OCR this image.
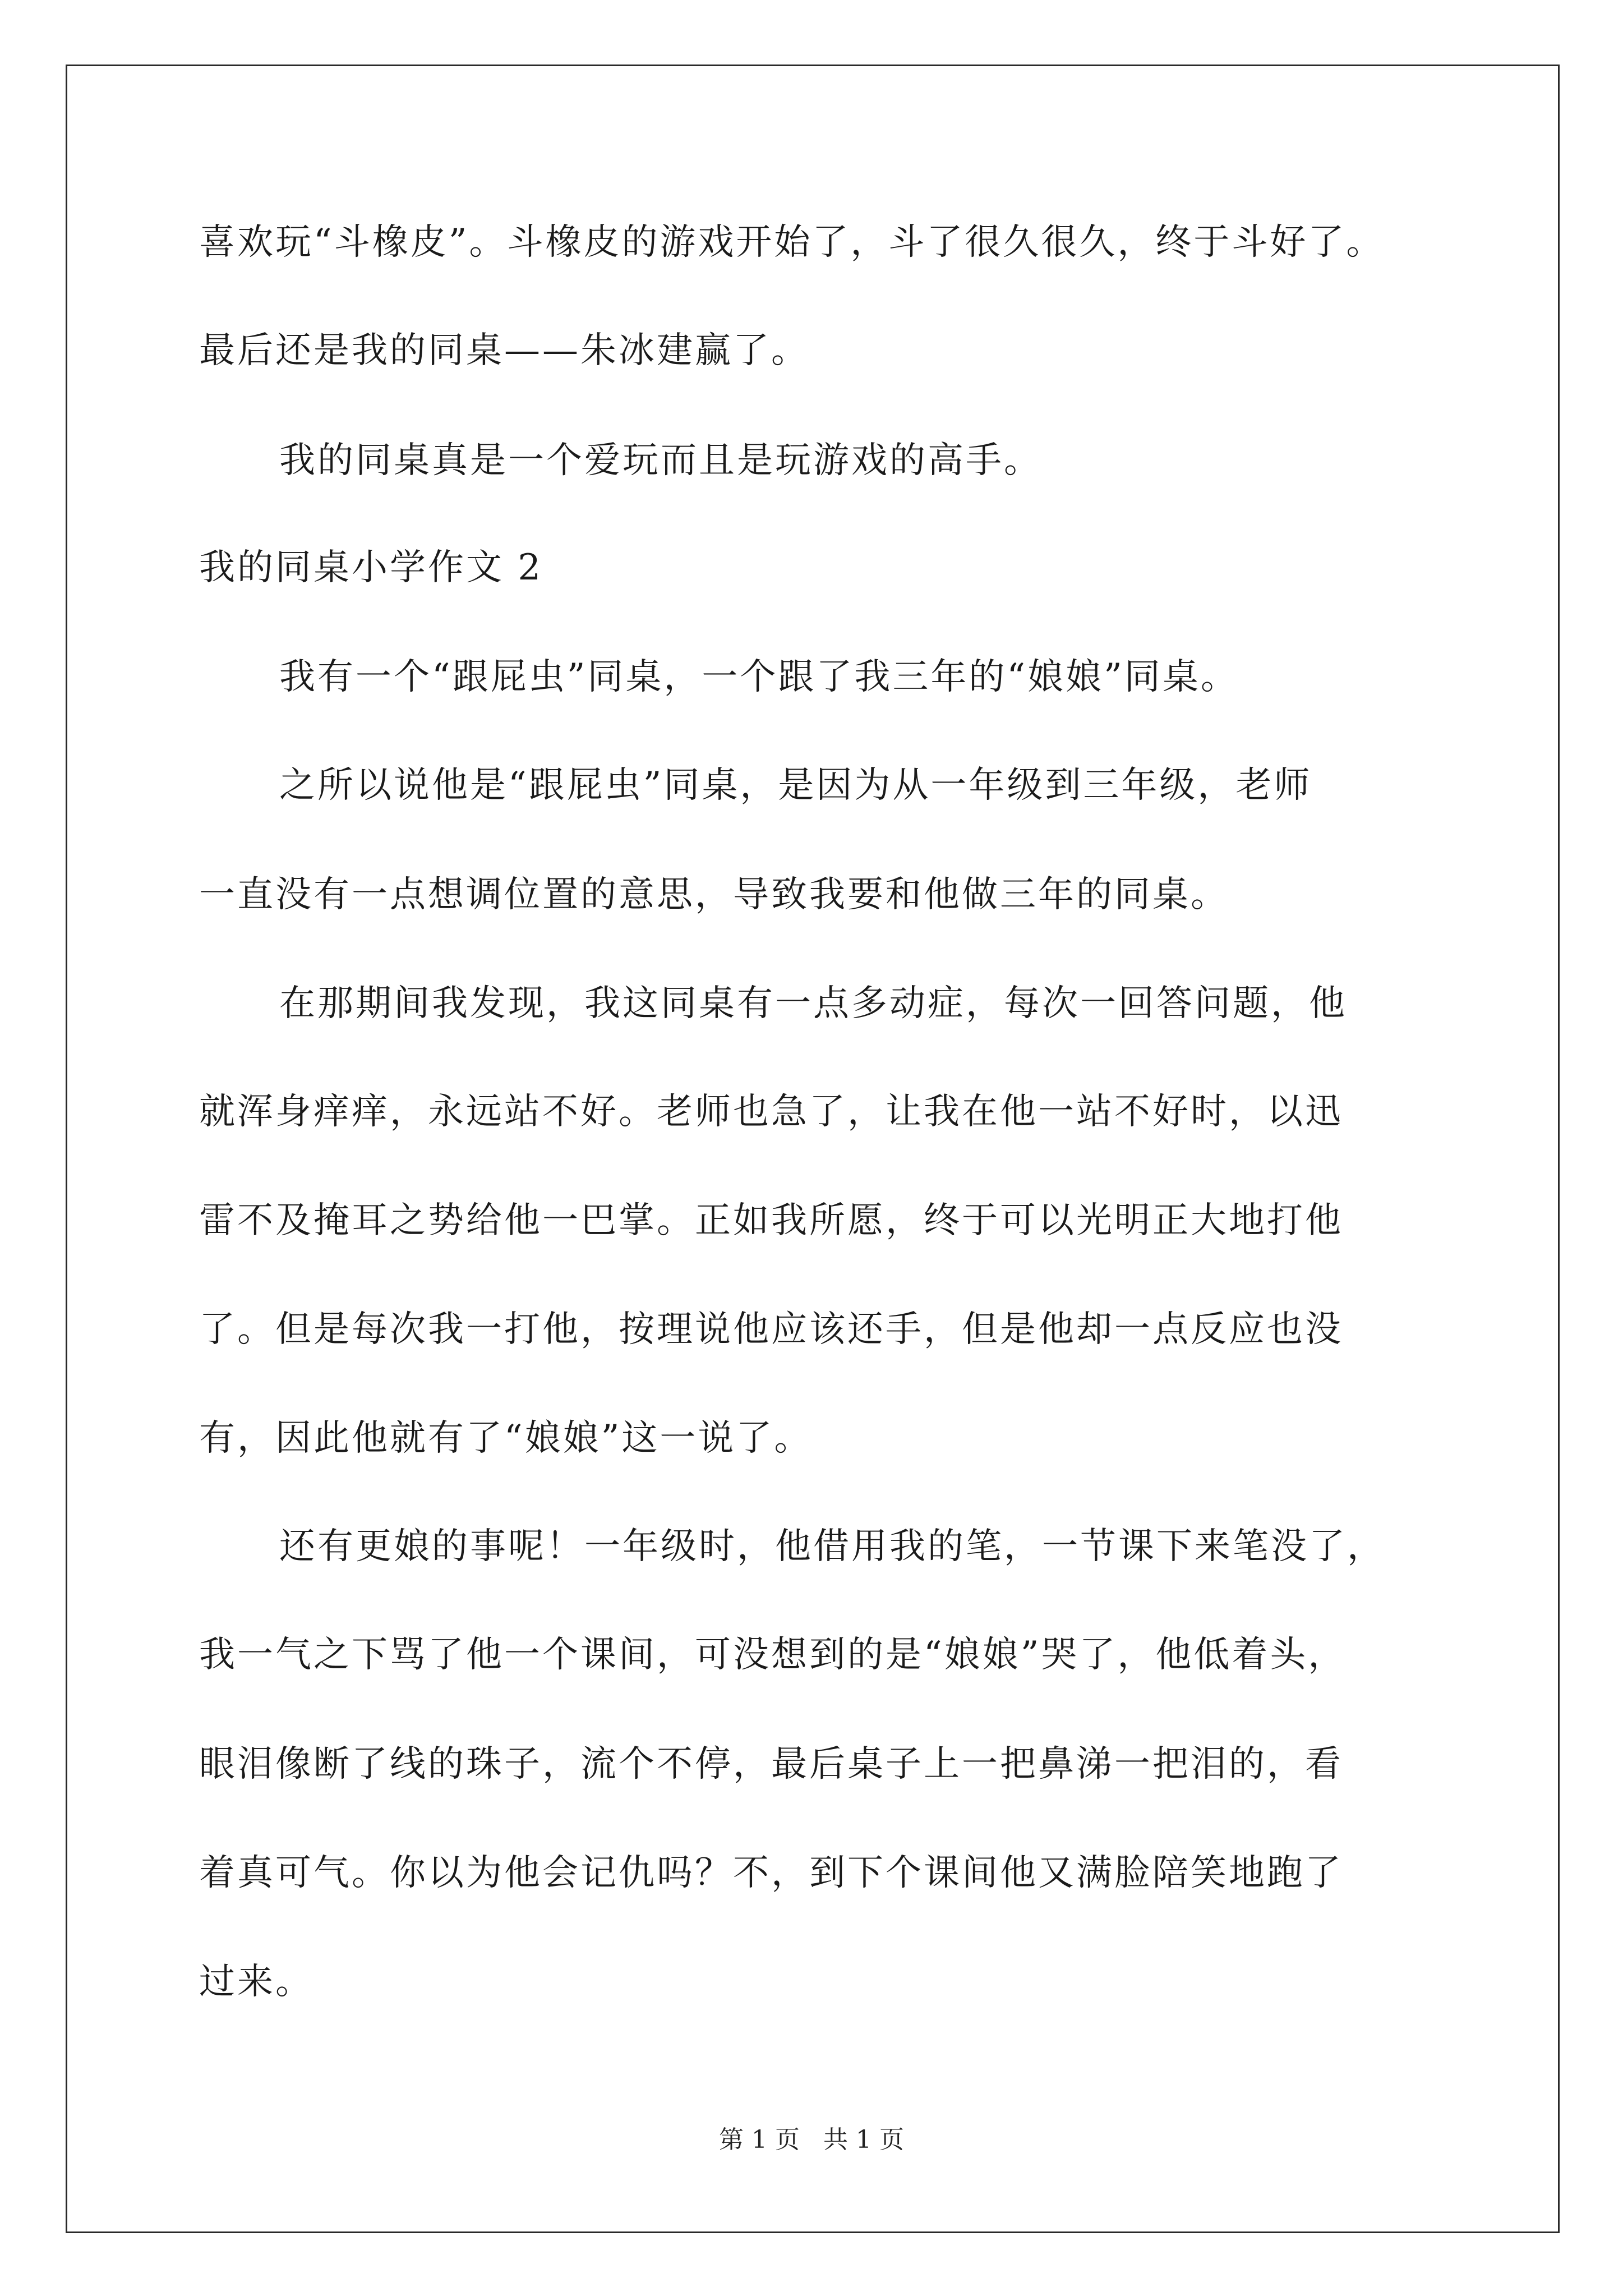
喜欢玩“斗橡皮”。斗橡皮的游戏开始了，斗了很久很久，终于斗好了。

最后还是我的同桌——朱冰建赢了。

我的同桌真是一个爱玩而且是玩游戏的高手。

我的同桌小学作文 2

我有一个“跟屁虫”同桌，一个跟了我三年的“娘娘”同桌。

之所以说他是“跟屁虫”同桌，是因为从一年级到三年级，老师

一直没有一点想调位置的意思，导致我要和他做三年的同桌。

在那期间我发现，我这同桌有一点多动症，每次一回答问题，他

就浑身痒痒，永远站不好。老师也急了，让我在他一站不好时，以迅

雷不及掩耳之势给他一巴掌。正如我所愿，终于可以光明正大地打他

了。但是每次我一打他，按理说他应该还手，但是他却一点反应也没

有，因此他就有了“娘娘”这一说了。

还有更娘的事呢！一年级时，他借用我的笔，一节课下来笔没了，

我一气之下骂了他一个课间，可没想到的是“娘娘”哭了，他低着头，

眼泪像断了线的珠子，流个不停，最后桌子上一把鼻涕一把泪的，看

着真可气。你以为他会记仇吗？不，到下个课间他又满脸陪笑地跑了

过来。

第 1 页 共 1 页
